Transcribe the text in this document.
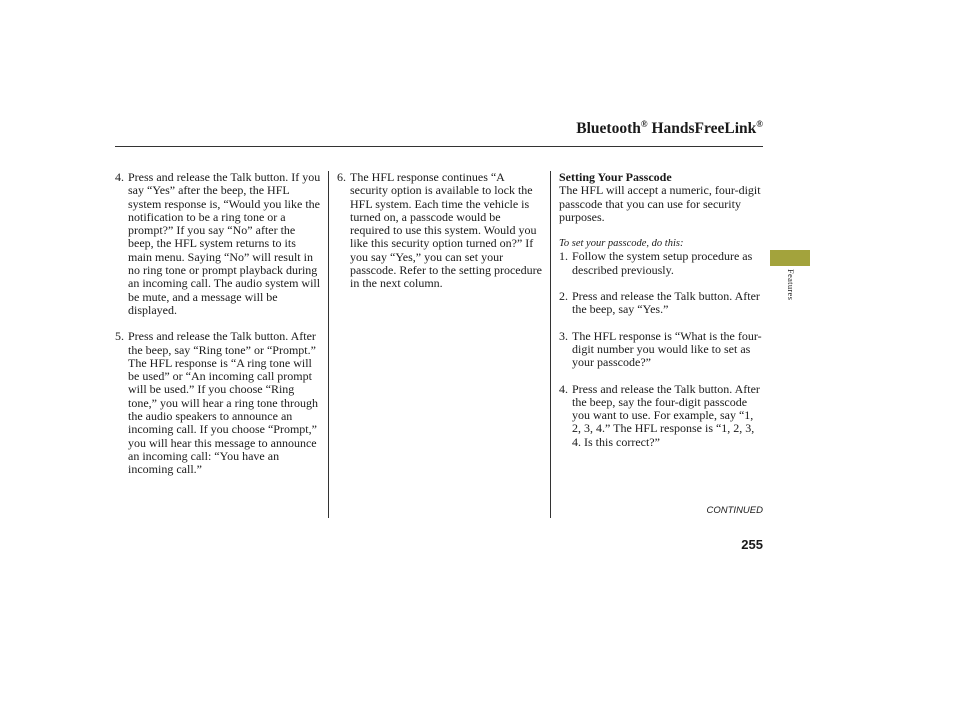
Bluetooth® HandsFreeLink®
4. Press and release the Talk button. If you say “Yes” after the beep, the HFL system response is, “Would you like the notification to be a ring tone or a prompt?” If you say “No” after the beep, the HFL system returns to its main menu. Saying “No” will result in no ring tone or prompt playback during an incoming call. The audio system will be mute, and a message will be displayed.
5. Press and release the Talk button. After the beep, say “Ring tone” or “Prompt.” The HFL response is “A ring tone will be used” or “An incoming call prompt will be used.” If you choose “Ring tone,” you will hear a ring tone through the audio speakers to announce an incoming call. If you choose “Prompt,” you will hear this message to announce an incoming call: “You have an incoming call.”
6. The HFL response continues “A security option is available to lock the HFL system. Each time the vehicle is turned on, a passcode would be required to use this system. Would you like this security option turned on?” If you say “Yes,” you can set your passcode. Refer to the setting procedure in the next column.

Setting Your Passcode

The HFL will accept a numeric, four-digit passcode that you can use for security purposes.

To set your passcode, do this:

1. Follow the system setup procedure as described previously.
2. Press and release the Talk button. After the beep, say “Yes.”
3. The HFL response is “What is the four-digit number you would like to set as your passcode?”
4. Press and release the Talk button. After the beep, say the four-digit passcode you want to use. For example, say “1, 2, 3, 4.” The HFL response is “1, 2, 3, 4. Is this correct?”
Features
CONTINUED
255
